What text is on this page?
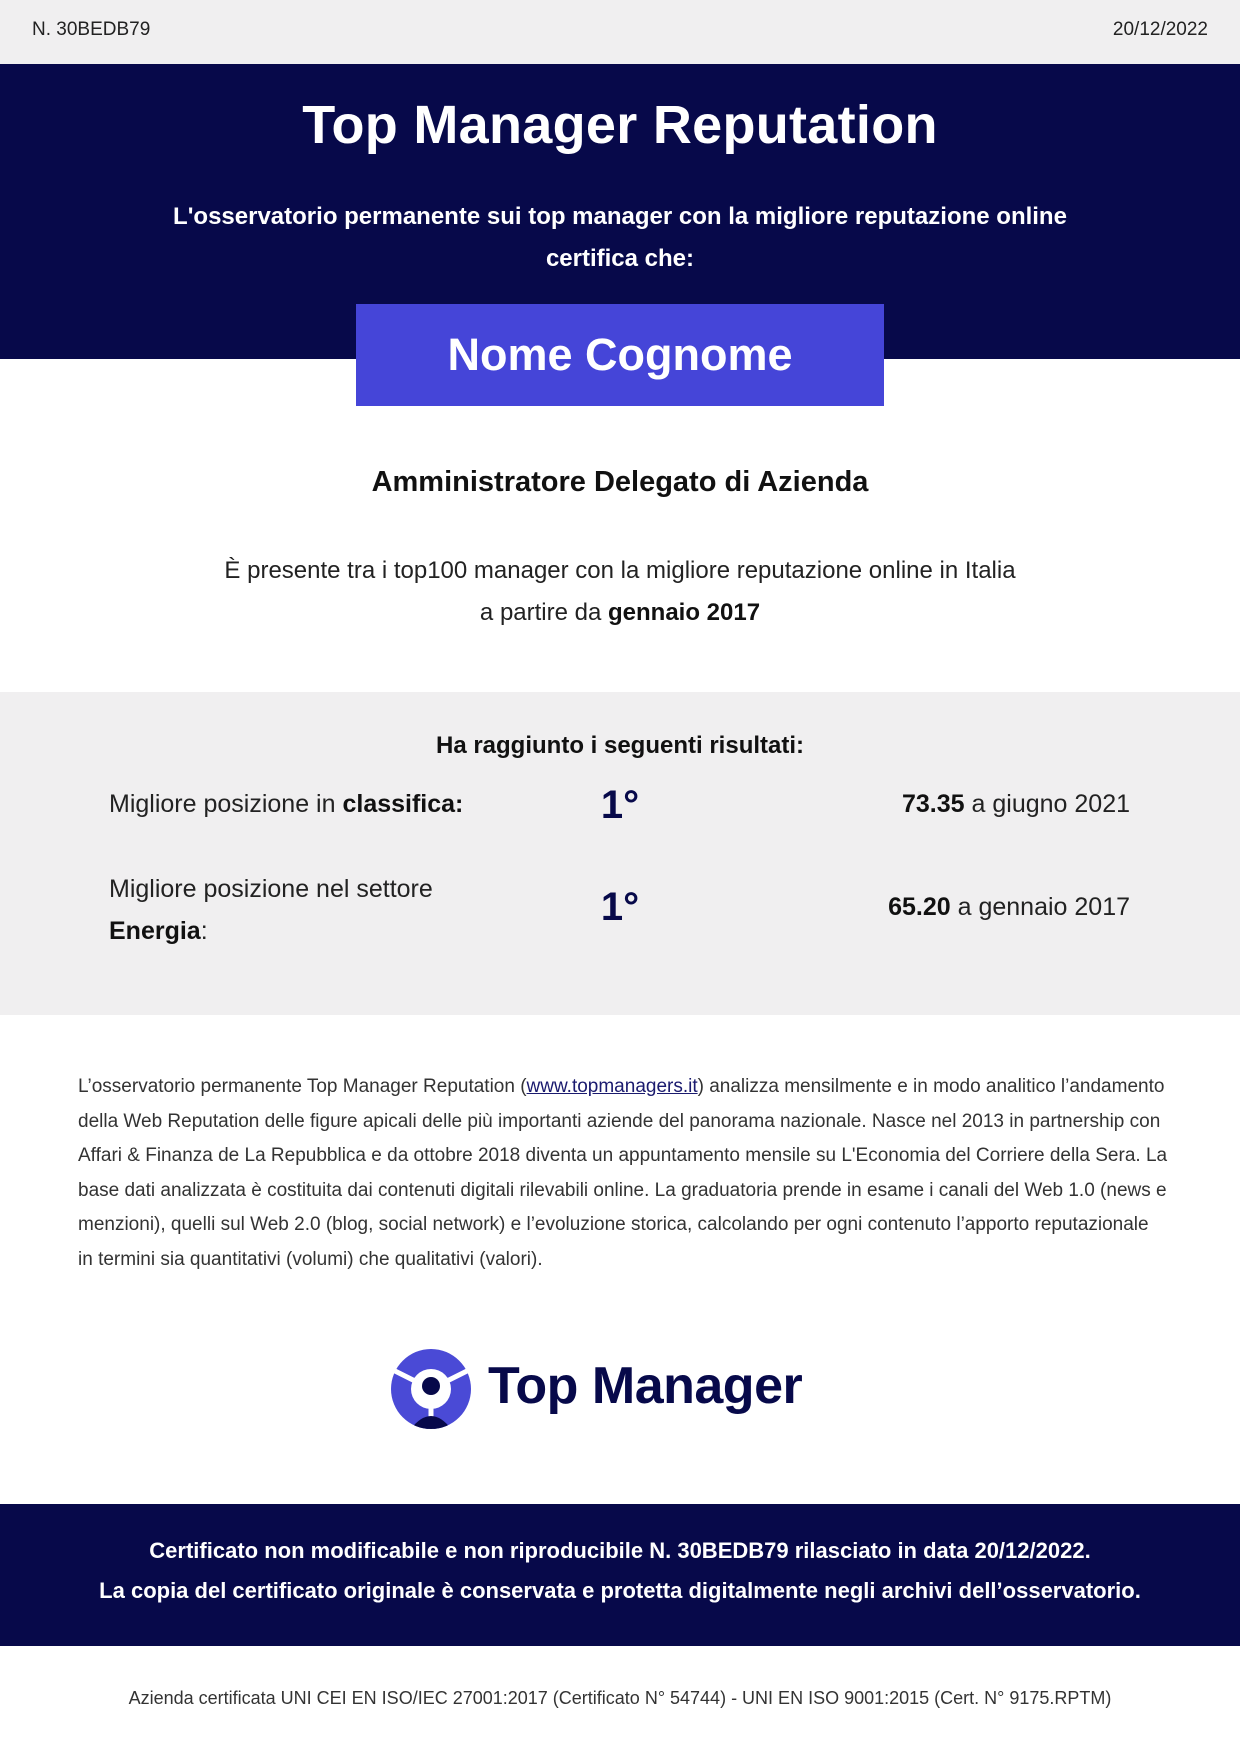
N. 30BEDB79	20/12/2022
Top Manager Reputation
L'osservatorio permanente sui top manager con la migliore reputazione online certifica che:
Nome Cognome
Amministratore Delegato di Azienda
È presente tra i top100 manager con la migliore reputazione online in Italia
a partire da gennaio 2017
Ha raggiunto i seguenti risultati:
Migliore posizione in classifica:	1°	73.35 a giugno 2021
Migliore posizione nel settore
Energia:
1°	65.20 a gennaio 2017
L’osservatorio permanente Top Manager Reputation (www.topmanagers.it) analizza mensilmente e in modo analitico l’andamento della Web Reputation delle figure apicali delle più importanti aziende del panorama nazionale. Nasce nel 2013 in partnership con Affari & Finanza de La Repubblica e da ottobre 2018 diventa un appuntamento mensile su L'Economia del Corriere della Sera. La base dati analizzata è costituita dai contenuti digitali rilevabili online. La graduatoria prende in esame i canali del Web 1.0 (news e menzioni), quelli sul Web 2.0 (blog, social network) e l’evoluzione storica, calcolando per ogni contenuto l’apporto reputazionale in termini sia quantitativi (volumi) che qualitativi (valori).
Top Manager
Certificato non modificabile e non riproducibile N. 30BEDB79 rilasciato in data 20/12/2022.
La copia del certificato originale è conservata e protetta digitalmente negli archivi dell’osservatorio.
Azienda certificata UNI CEI EN ISO/IEC 27001:2017 (Certificato N° 54744) - UNI EN ISO 9001:2015 (Cert. N° 9175.RPTM)
